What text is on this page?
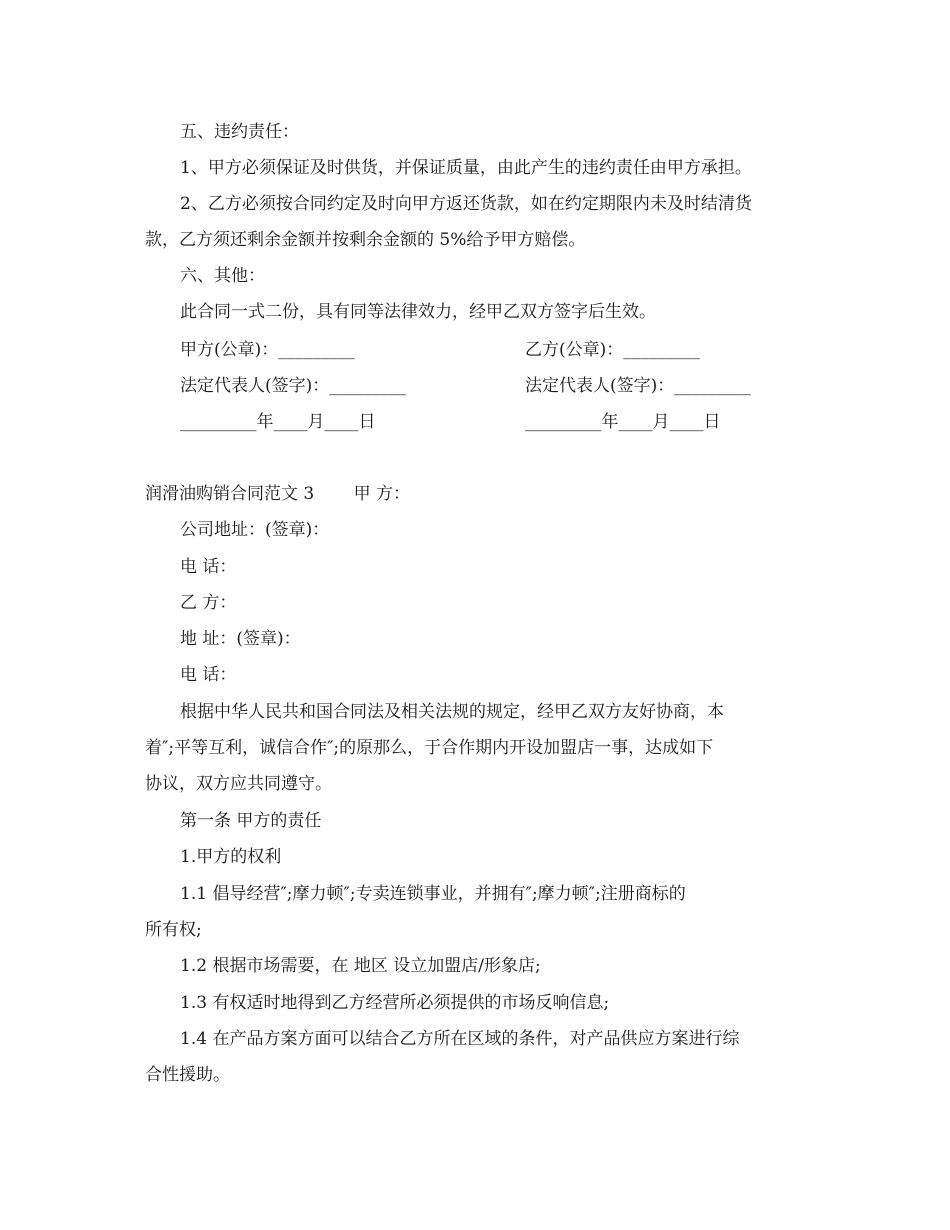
五、违约责任：
1、甲方必须保证及时供货，并保证质量，由此产生的违约责任由甲方承担。
2、乙方必须按合同约定及时向甲方返还货款，如在约定期限内未及时结清货
款，乙方须还剩余金额并按剩余金额的 5%给予甲方赔偿。
六、其他：
此合同一式二份，具有同等法律效力，经甲乙双方签字后生效。
甲方(公章)：_________	乙方(公章)：_________
法定代表人(签字)：_________	法定代表人(签字)：_________
_________年____月____日	_________年____月____日
润滑油购销合同范文 3　　 甲 方：
公司地址：(签章)：
电 话：
乙 方：
地 址：(签章)：
电 话：
根据中华人民共和国合同法及相关法规的规定，经甲乙双方友好协商，本
着″;平等互利，诚信合作″;的原那么，于合作期内开设加盟店一事，达成如下
协议，双方应共同遵守。
第一条 甲方的责任
1.甲方的权利
1.1 倡导经营″;摩力顿″;专卖连锁事业，并拥有″;摩力顿″;注册商标的
所有权;
1.2 根据市场需要，在 地区 设立加盟店/形象店;
1.3 有权适时地得到乙方经营所必须提供的市场反响信息;
1.4 在产品方案方面可以结合乙方所在区域的条件，对产品供应方案进行综
合性援助。
